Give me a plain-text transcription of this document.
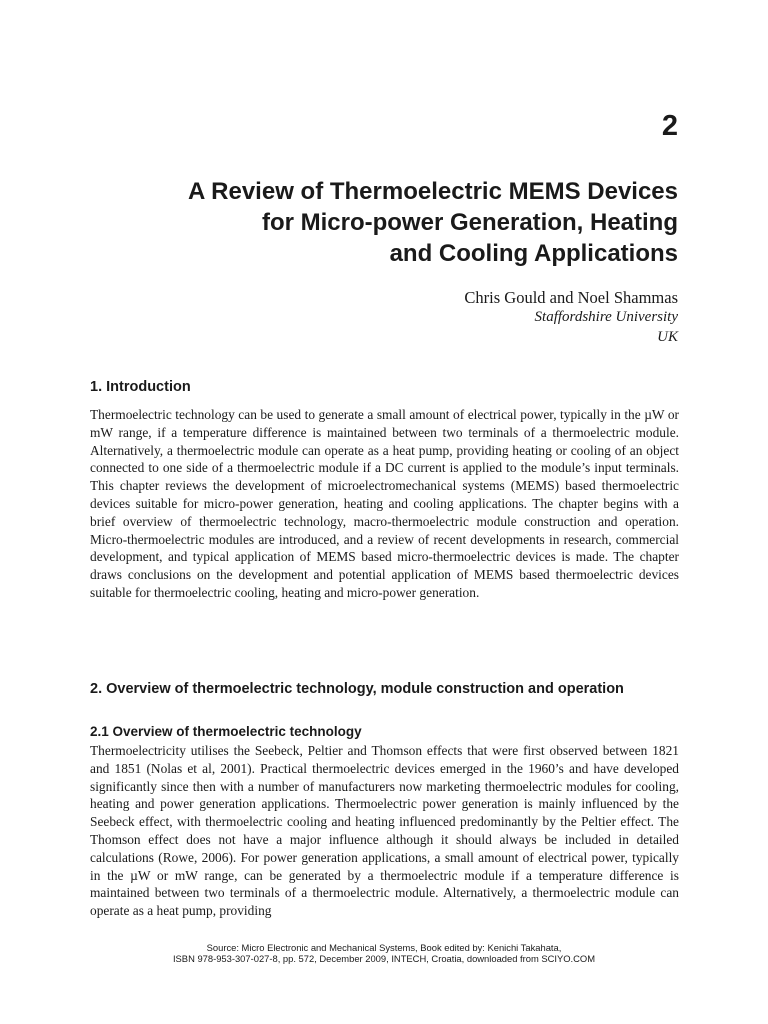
2
A Review of Thermoelectric MEMS Devices
for Micro-power Generation, Heating
and Cooling Applications

Chris Gould and Noel Shammas

Staffordshire University

UK

1. Introduction

Thermoelectric technology can be used to generate a small amount of electrical power, typically in the µW or mW range, if a temperature difference is maintained between two terminals of a thermoelectric module. Alternatively, a thermoelectric module can operate as a heat pump, providing heating or cooling of an object connected to one side of a thermoelectric module if a DC current is applied to the module’s input terminals. This chapter reviews the development of microelectromechanical systems (MEMS) based thermoelectric devices suitable for micro-power generation, heating and cooling applications. The chapter begins with a brief overview of thermoelectric technology, macro-thermoelectric module construction and operation. Micro-thermoelectric modules are introduced, and a review of recent developments in research, commercial development, and typical application of MEMS based micro-thermoelectric devices is made. The chapter draws conclusions on the development and potential application of MEMS based thermoelectric devices suitable for thermoelectric cooling, heating and micro-power generation.

2. Overview of thermoelectric technology, module construction and operation
2.1 Overview of thermoelectric technology

Thermoelectricity utilises the Seebeck, Peltier and Thomson effects that were first observed between 1821 and 1851 (Nolas et al, 2001). Practical thermoelectric devices emerged in the 1960’s and have developed significantly since then with a number of manufacturers now marketing thermoelectric modules for cooling, heating and power generation applications. Thermoelectric power generation is mainly influenced by the Seebeck effect, with thermoelectric cooling and heating influenced predominantly by the Peltier effect. The Thomson effect does not have a major influence although it should always be included in detailed calculations (Rowe, 2006). For power generation applications, a small amount of electrical power, typically in the µW or mW range, can be generated by a thermoelectric module if a temperature difference is maintained between two terminals of a thermoelectric module. Alternatively, a thermoelectric module can operate as a heat pump, providing

Source: Micro Electronic and Mechanical Systems, Book edited by: Kenichi Takahata,
ISBN 978-953-307-027-8, pp. 572, December 2009, INTECH, Croatia, downloaded from SCIYO.COM
